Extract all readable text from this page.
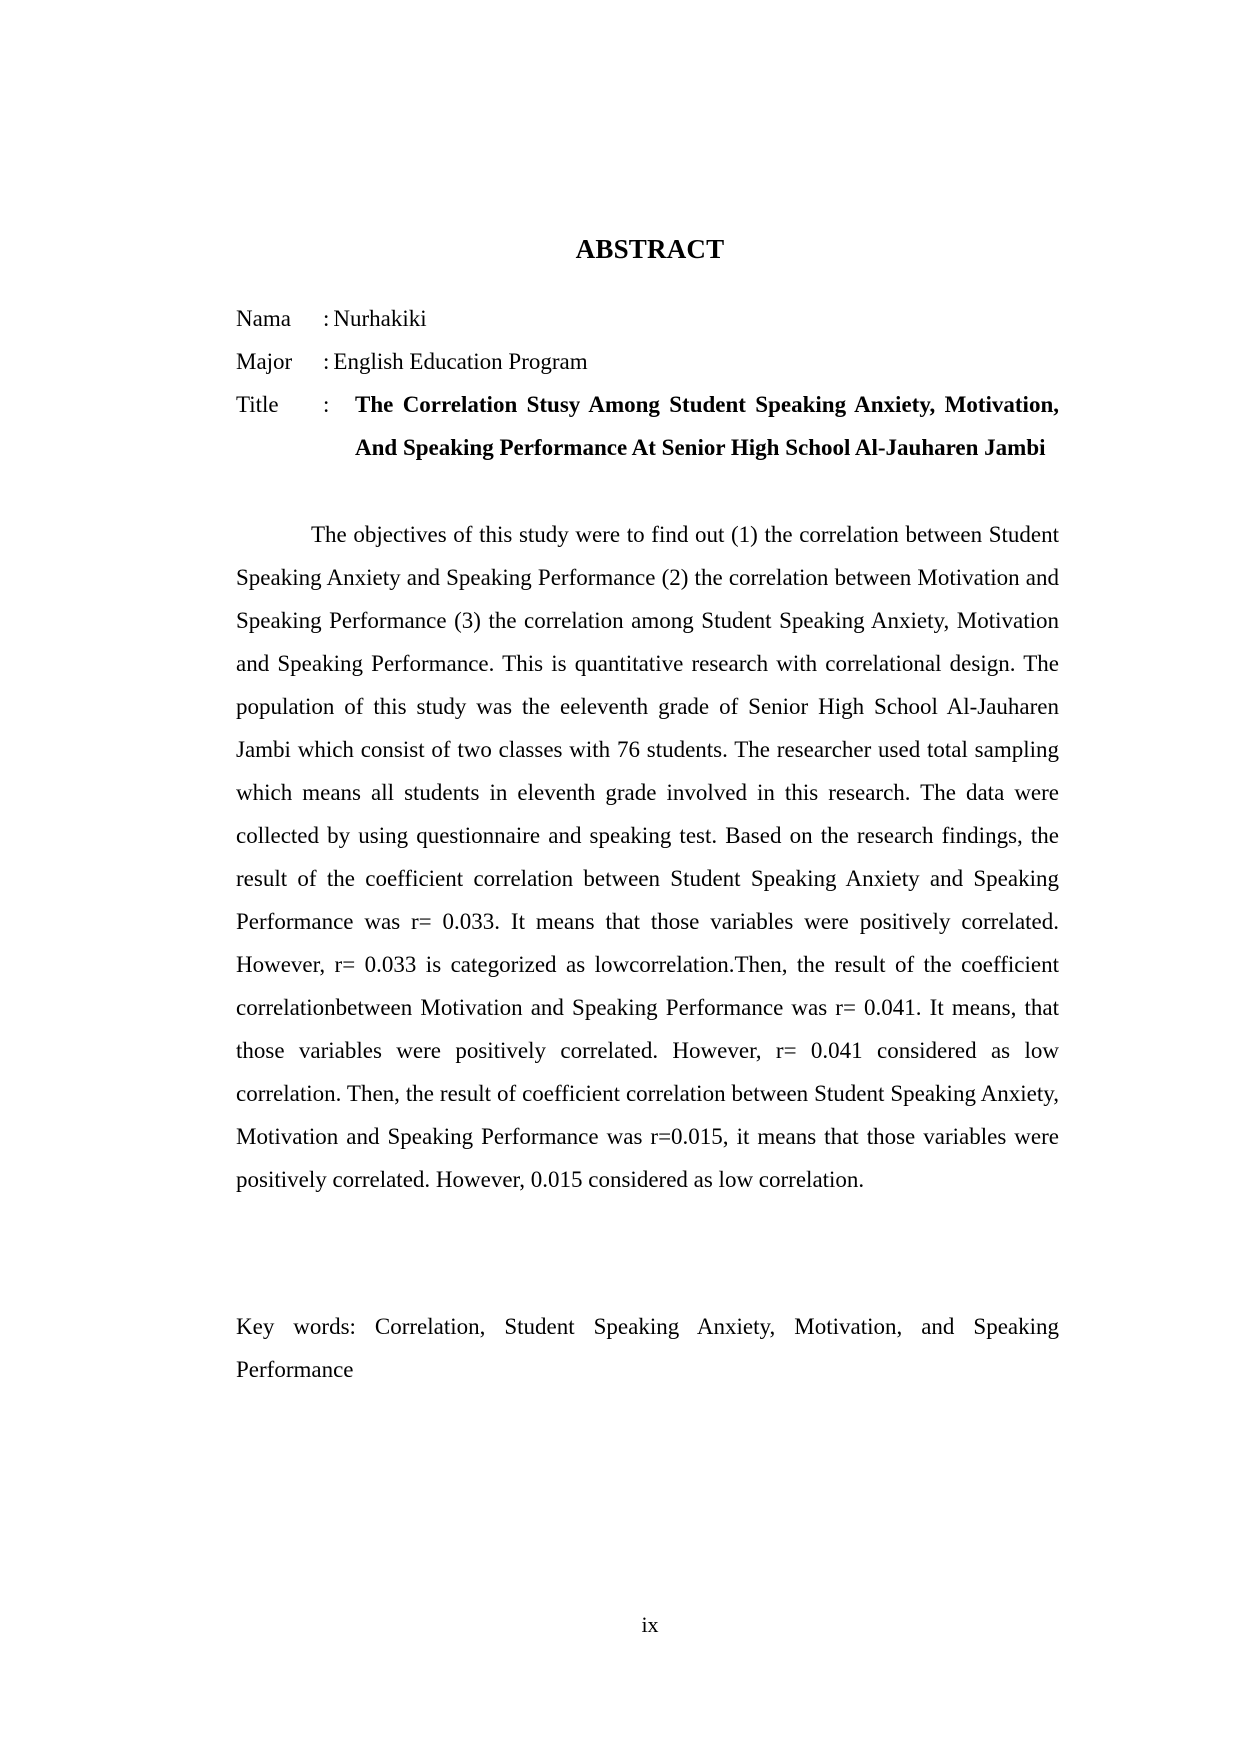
ABSTRACT
Nama	: Nurhakiki
Major	: English Education Program
Title	:	The Correlation Stusy Among Student Speaking Anxiety, Motivation, And Speaking Performance At Senior High School Al-Jauharen Jambi

The objectives of this study were to find out (1) the correlation between Student Speaking Anxiety and Speaking Performance (2) the correlation between Motivation and Speaking Performance (3) the correlation among Student Speaking Anxiety, Motivation and Speaking Performance. This is quantitative research with correlational design. The population of this study was the eeleventh grade of Senior High School Al-Jauharen Jambi which consist of two classes with 76 students. The researcher used total sampling which means all students in eleventh grade involved in this research. The data were collected by using questionnaire and speaking test. Based on the research findings, the result of the coefficient correlation between Student Speaking Anxiety and Speaking Performance was r= 0.033. It means that those variables were positively correlated. However, r= 0.033 is categorized as lowcorrelation.Then, the result of the coefficient correlationbetween Motivation and Speaking Performance was r= 0.041. It means, that those variables were positively correlated. However, r= 0.041 considered as low correlation. Then, the result of coefficient correlation between Student Speaking Anxiety, Motivation and Speaking Performance was r=0.015, it means that those variables were positively correlated. However, 0.015 considered as low correlation.

Key words: Correlation, Student Speaking Anxiety, Motivation, and Speaking Performance

ix
